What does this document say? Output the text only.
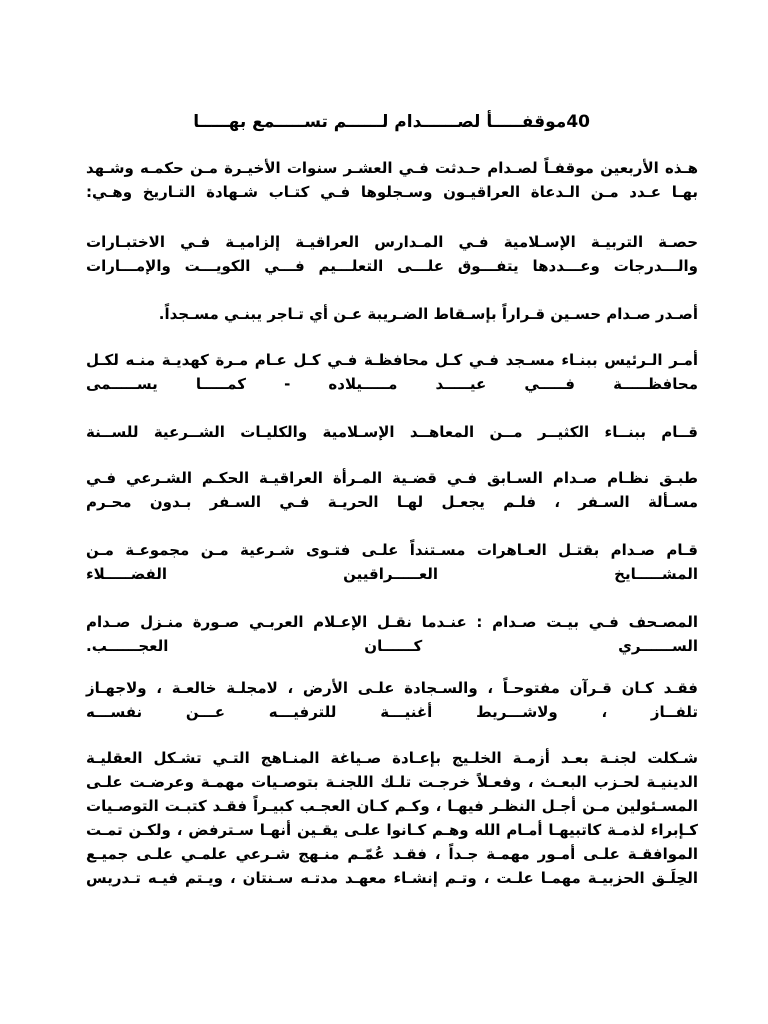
40موقفـــــأ لصــــــدام لــــــم تســـــمع بهـــــا

هـذه الأربعين موقفـاً لصـدام حـدثت فـي العشـر سنوات الأخيـرة مـن حكمـه وشـهد

بهـا عـدد مـن الـدعاة العراقيـون وسـجلوها فـي كتـاب شـهادة التـاريخ وهـي:

حصـة التربيـة الإسـلامية فـي المـدارس العراقيـة إلزاميـة فـي الاختبـارات

والـــدرجات وعـــددها يتفـــوق علـــى التعلـــيم فـــي الكويـــت والإمـــارات

أصـدر صـدام حسـين قـراراً بإسـقاط الضـريبة عـن أي تـاجر يبنـي مسـجداً.

أمـر الـرئيس ببنـاء مسـجد فـي كـل محافظـة فـي كـل عـام مـرة كهديـة منـه لكـل

محافظـــــة فـــــي عيـــــد مـــــيلاده - كمـــــا يســـــمى

قــام ببنــاء الكثيــر مــن المعاهــد الإسـلامية والكليـات الشــرعية للســنة

طبـق نظـام صـدام السـابق فـي قضـية المـرأة العراقيـة الحكـم الشـرعي فـي

مسـألة السـفر ، فلـم يجعـل لهـا الحريـة فـي السـفر بـدون محـرم

قـام صـدام بقتـل العـاهرات مسـتنداً علـى فتـوى شـرعية مـن مجموعـة مـن

المشـــــايخ العـــــراقيين الفضـــــلاء

المصـحف فـي بيـت صـدام : عنـدما نقـل الإعـلام العربـي صـورة منـزل صـدام

الســــــري كــــــان العجــــــب.

فقـد كـان قـرآن مفتوحـاً ، والسـجادة علـى الأرض ، لامجلـة خالعـة ، ولاجهـاز

تلفــاز ، ولاشـــريط أغنيـــة للترفيـــه عـــن نفســـه

شـكلت لجنـة بعـد أزمـة الخلـيج بإعـادة صـياغة المنـاهج التـي تشـكل العقليـة

الدينيـة لحـزب البعـث ، وفعـلاً خرجـت تلـك اللجنـة بتوصـيات مهمـة وعرضـت علـى

المسـئولين مـن أجـل النظـر فيهـا ، وكـم كـان العجـب كبيـراً فقـد كتبـت التوصـيات

كـإبراء لذمـة كاتبيهـا أمـام الله وهـم كـانوا علـى يقـين أنهـا سـترفض ، ولكـن تمـت

الموافقـة علـى أمـور مهمـة جـداً ، فقـد عُمّـم منـهج شـرعي علمـي علـى جميـع

الحِلَـق الحزبيـة مهمـا علـت ، وتـم إنشـاء معهـد مدتـه سـنتان ، ويـتم فيـه تـدريس
